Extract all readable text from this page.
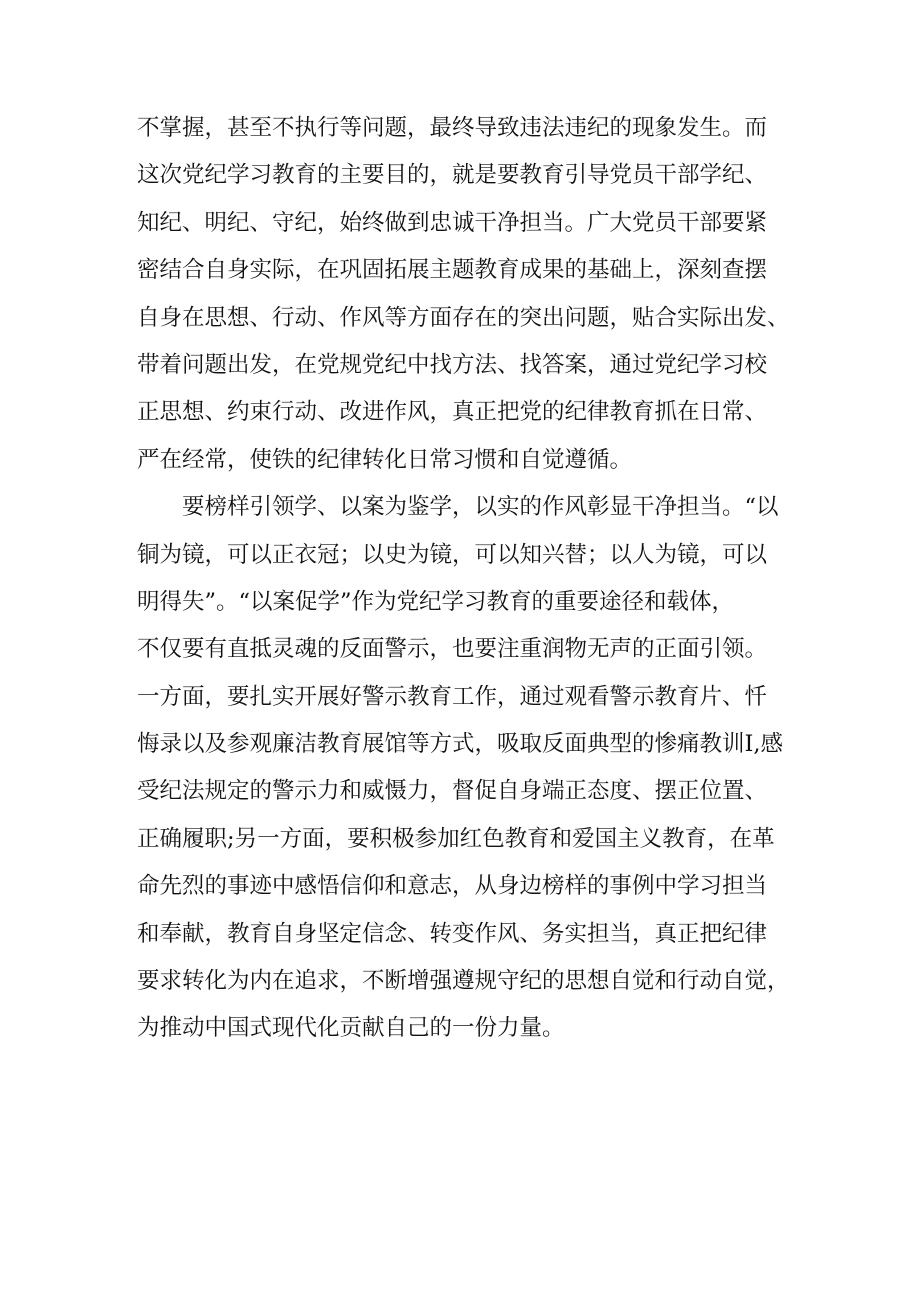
不掌握，甚至不执行等问题，最终导致违法违纪的现象发生。而
这次党纪学习教育的主要目的，就是要教育引导党员干部学纪、
知纪、明纪、守纪，始终做到忠诚干净担当。广大党员干部要紧
密结合自身实际，在巩固拓展主题教育成果的基础上，深刻查摆
自身在思想、行动、作风等方面存在的突出问题，贴合实际出发、
带着问题出发，在党规党纪中找方法、找答案，通过党纪学习校
正思想、约束行动、改进作风，真正把党的纪律教育抓在日常、
严在经常，使铁的纪律转化日常习惯和自觉遵循。
要榜样引领学、以案为鉴学，以实的作风彰显干净担当。“以
铜为镜，可以正衣冠；以史为镜，可以知兴替；以人为镜，可以
明得失”。“以案促学”作为党纪学习教育的重要途径和载体，
不仅要有直抵灵魂的反面警示，也要注重润物无声的正面引领。
一方面，要扎实开展好警示教育工作，通过观看警示教育片、忏
悔录以及参观廉洁教育展馆等方式，吸取反面典型的惨痛教训I,感
受纪法规定的警示力和威慑力，督促自身端正态度、摆正位置、
正确履职;另一方面，要积极参加红色教育和爱国主义教育，在革
命先烈的事迹中感悟信仰和意志，从身边榜样的事例中学习担当
和奉献，教育自身坚定信念、转变作风、务实担当，真正把纪律
要求转化为内在追求，不断增强遵规守纪的思想自觉和行动自觉，
为推动中国式现代化贡献自己的一份力量。
